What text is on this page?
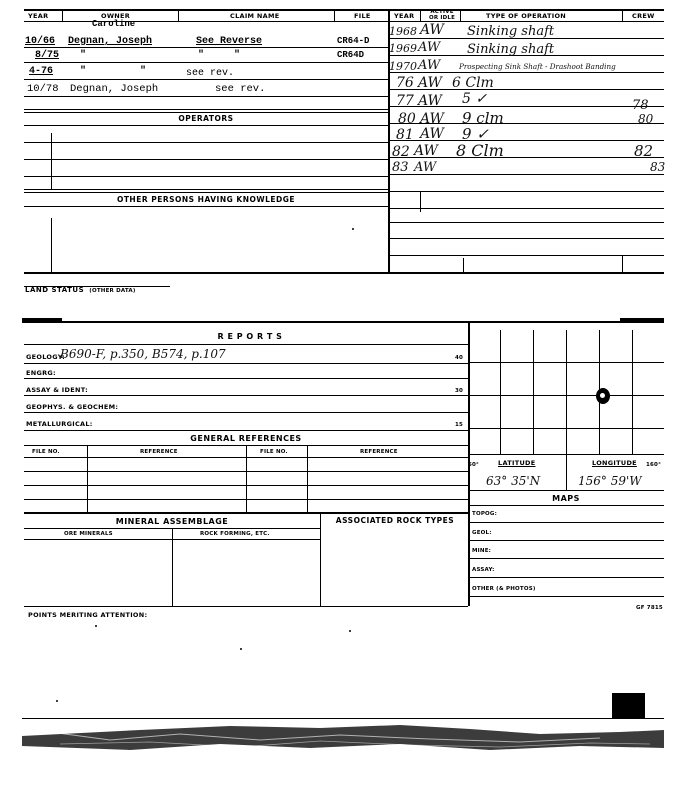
YEAR	OWNER	CLAIM NAME	FILE	YEAR	ACTIVE OR IDLE	TYPE OF OPERATION	CREW
Caroline
10/66 Degnan, Joseph	See Reverse	CR64-D
8/75 "	"     "	CR64D
4-76	"	"	see rev.
10/78 Degnan, Joseph	see rev.
OPERATORS
OTHER PERSONS HAVING KNOWLEDGE
1968 AW Sinking shaft
1969 AW Sinking shaft
1970 AW	Prospecting Sink Shaft - Drashoot Banding
76 AW 6 Clm
77 AW 5 ✓	78
80 AW 9 clm	80
81 AW 9 ✓
82 AW 8 Clm	82
83 AW	83
LAND STATUS (OTHER DATA)
R E P O R T S
GEOLOGY:
B690-F, p.350, B574, p.107	40
ENGRG:
ASSAY & IDENT:	30
GEOPHYS. & GEOCHEM:
METALLURGICAL:	15
GENERAL REFERENCES
FILE NO.	REFERENCE	FILE NO.	REFERENCE
MINERAL ASSEMBLAGE	ASSOCIATED ROCK TYPES
ORE MINERALS	ROCK FORMING, ETC.
60°	LATITUDE	LONGITUDE 160°
63° 35'N	156° 59'W
MAPS
TOPOG:
GEOL:
MINE:
ASSAY:
OTHER (& PHOTOS)
POINTS MERITING ATTENTION:
GF 7815
